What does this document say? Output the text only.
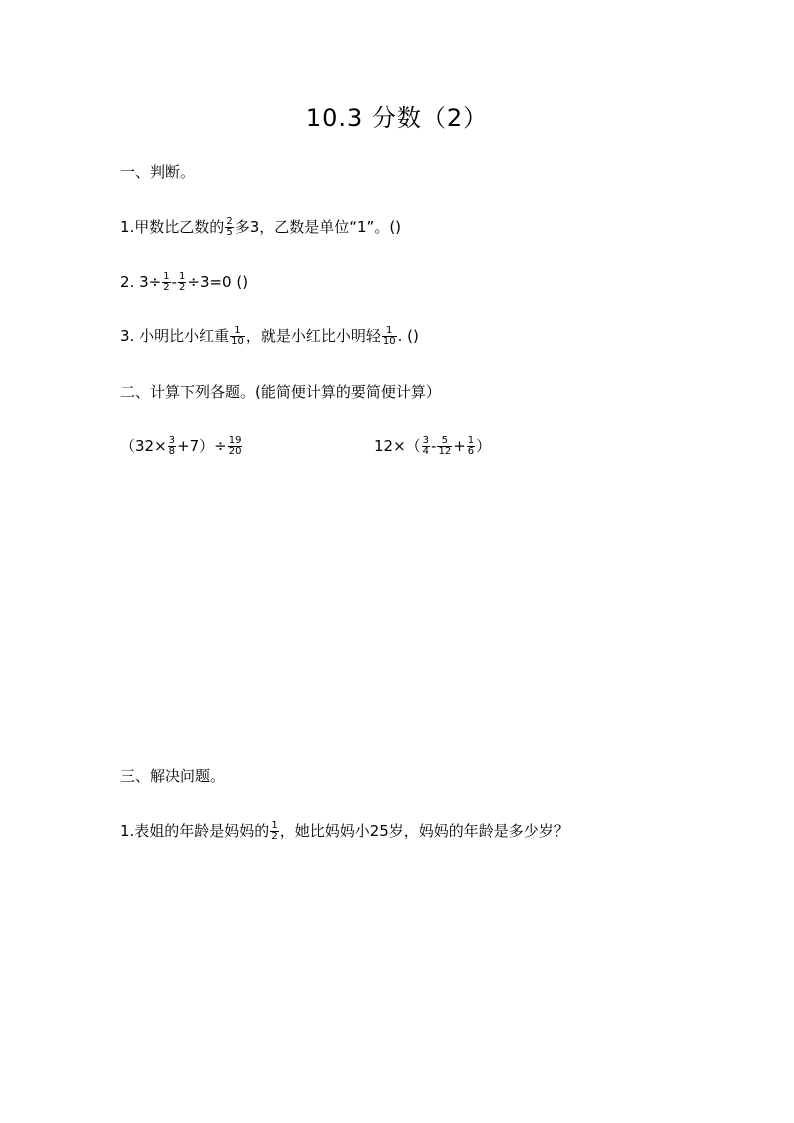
10.3 分数（2）
一、判断。
1.甲数比乙数的 $\frac{2}{5}$ 多3，乙数是单位“1”。()
2. $3\div \frac{1}{2} - \frac{1}{2} \div 3=0$ ()
3. 小明比小红重 $\frac{1}{10}$ ，就是小红比小明轻 $\frac{1}{10}$ . ()
二、计算下列各题。(能简便计算的要简便计算）
$(32\times \frac{3}{8} +7)\div \frac{19}{20}$	$12\times( \frac{3}{4} - \frac{5}{12} + \frac{1}{6}$ ）
三、解决问题。
1.表姐的年龄是妈妈的 $\frac{1}{2}$ ，她比妈妈小25岁，妈妈的年龄是多少岁？
